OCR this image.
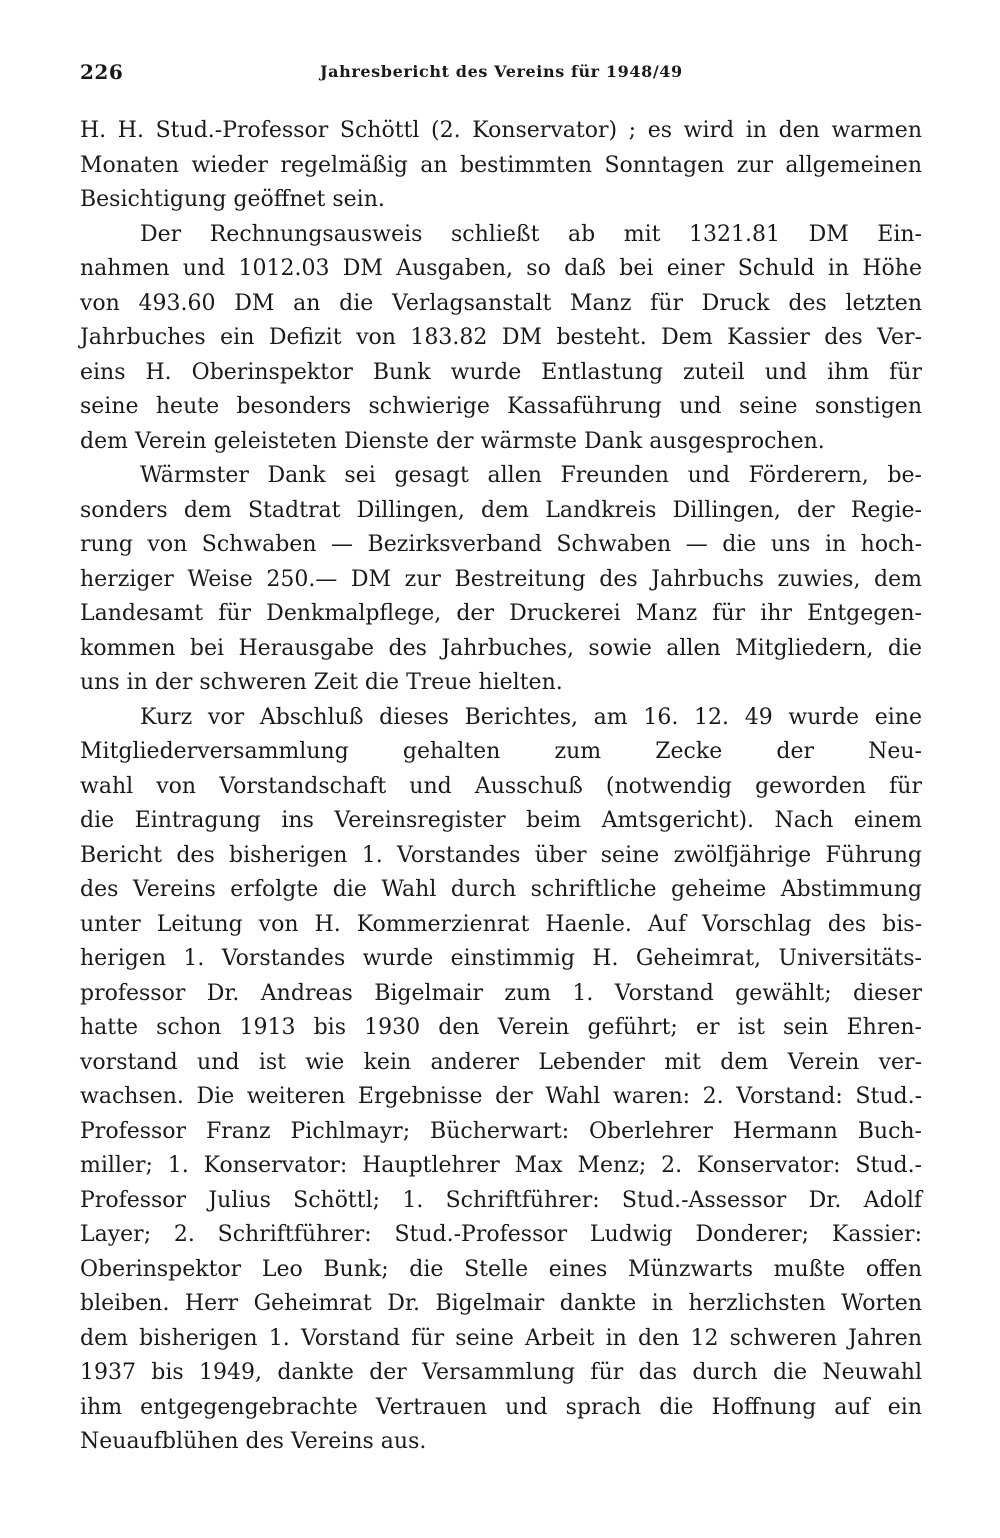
226	Jahresbericht des Vereins für 1948/49
H. H. Stud.-Professor Schöttl (2. Konservator) ; es wird in den warmen
Monaten wieder regelmäßig an bestimmten Sonntagen zur allgemeinen
Besichtigung geöffnet sein.
Der Rechnungsausweis schließt ab mit 1321.81 DM Ein-
nahmen und 1012.03 DM Ausgaben, so daß bei einer Schuld in Höhe
von 493.60 DM an die Verlagsanstalt Manz für Druck des letzten
Jahrbuches ein Defizit von 183.82 DM besteht. Dem Kassier des Ver-
eins H. Oberinspektor Bunk wurde Entlastung zuteil und ihm für
seine heute besonders schwierige Kassaführung und seine sonstigen
dem Verein geleisteten Dienste der wärmste Dank ausgesprochen.
Wärmster Dank sei gesagt allen Freunden und Förderern, be-
sonders dem Stadtrat Dillingen, dem Landkreis Dillingen, der Regie-
rung von Schwaben — Bezirksverband Schwaben — die uns in hoch-
herziger Weise 250.— DM zur Bestreitung des Jahrbuchs zuwies, dem
Landesamt für Denkmalpflege, der Druckerei Manz für ihr Entgegen-
kommen bei Herausgabe des Jahrbuches, sowie allen Mitgliedern, die
uns in der schweren Zeit die Treue hielten.
Kurz vor Abschluß dieses Berichtes, am 16. 12. 49 wurde eine
Mitgliederversammlung gehalten zum Zecke der Neu-
wahl von Vorstandschaft und Ausschuß (notwendig geworden für
die Eintragung ins Vereinsregister beim Amtsgericht). Nach einem
Bericht des bisherigen 1. Vorstandes über seine zwölfjährige Führung
des Vereins erfolgte die Wahl durch schriftliche geheime Abstimmung
unter Leitung von H. Kommerzienrat Haenle. Auf Vorschlag des bis-
herigen 1. Vorstandes wurde einstimmig H. Geheimrat, Universitäts-
professor Dr. Andreas Bigelmair zum 1. Vorstand gewählt; dieser
hatte schon 1913 bis 1930 den Verein geführt; er ist sein Ehren-
vorstand und ist wie kein anderer Lebender mit dem Verein ver-
wachsen. Die weiteren Ergebnisse der Wahl waren: 2. Vorstand: Stud.-
Professor Franz Pichlmayr; Bücherwart: Oberlehrer Hermann Buch-
miller; 1. Konservator: Hauptlehrer Max Menz; 2. Konservator: Stud.-
Professor Julius Schöttl; 1. Schriftführer: Stud.-Assessor Dr. Adolf
Layer; 2. Schriftführer: Stud.-Professor Ludwig Donderer; Kassier:
Oberinspektor Leo Bunk; die Stelle eines Münzwarts mußte offen
bleiben. Herr Geheimrat Dr. Bigelmair dankte in herzlichsten Worten
dem bisherigen 1. Vorstand für seine Arbeit in den 12 schweren Jahren
1937 bis 1949, dankte der Versammlung für das durch die Neuwahl
ihm entgegengebrachte Vertrauen und sprach die Hoffnung auf ein
Neuaufblühen des Vereins aus.
